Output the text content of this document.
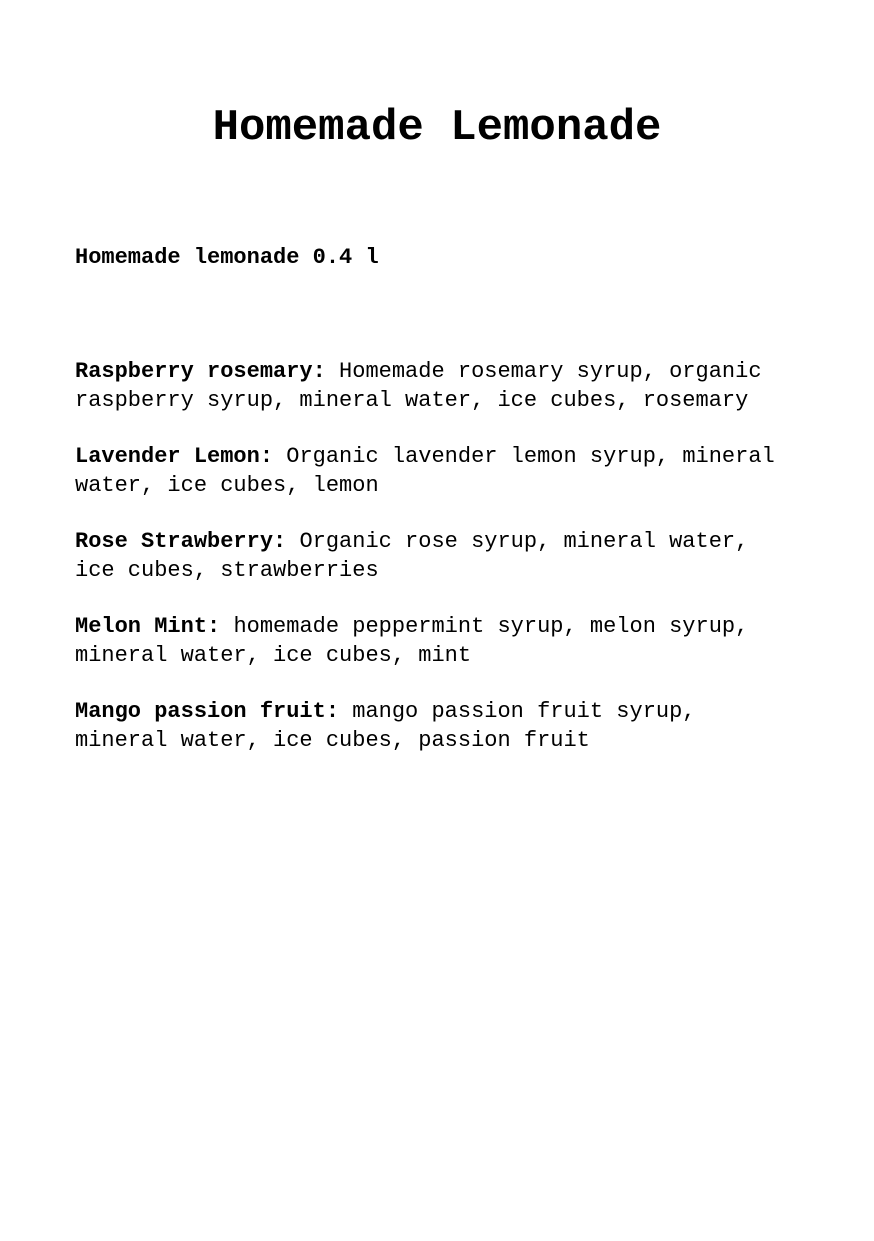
Homemade Lemonade

Homemade lemonade 0.4 l

Raspberry rosemary: Homemade rosemary syrup, organic raspberry syrup, mineral water, ice cubes, rosemary
Lavender Lemon: Organic lavender lemon syrup, mineral water, ice cubes, lemon
Rose Strawberry: Organic rose syrup, mineral water, ice cubes, strawberries
Melon Mint: homemade peppermint syrup, melon syrup, mineral water, ice cubes, mint
Mango passion fruit: mango passion fruit syrup, mineral water, ice cubes, passion fruit
